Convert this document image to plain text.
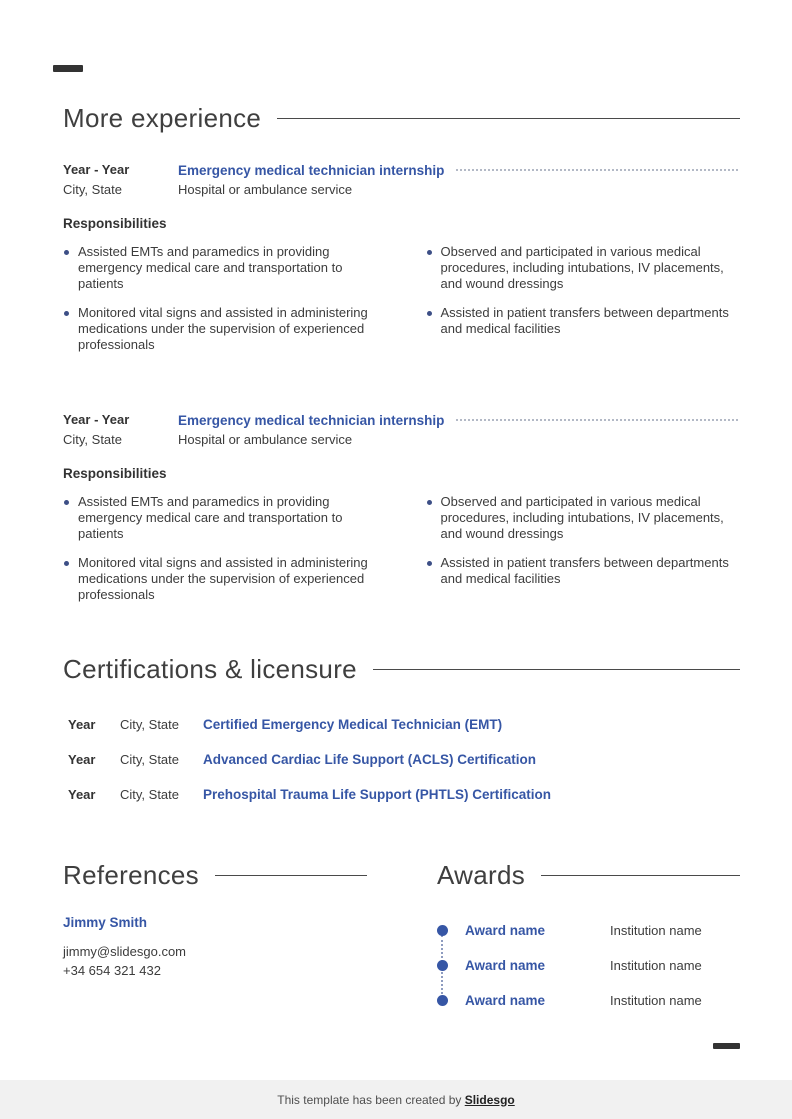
More experience
Year - Year	Emergency medical technician internship
City, State	Hospital or ambulance service
Responsibilities
Assisted EMTs and paramedics in providing emergency medical care and transportation to patients
Monitored vital signs and assisted in administering medications under the supervision of experienced professionals
Observed and participated in various medical procedures, including intubations, IV placements, and wound dressings
Assisted in patient transfers between departments and medical facilities
Year - Year	Emergency medical technician internship
City, State	Hospital or ambulance service
Responsibilities
Assisted EMTs and paramedics in providing emergency medical care and transportation to patients
Monitored vital signs and assisted in administering medications under the supervision of experienced professionals
Observed and participated in various medical procedures, including intubations, IV placements, and wound dressings
Assisted in patient transfers between departments and medical facilities
Certifications & licensure
Year	City, State	Certified Emergency Medical Technician (EMT)
Year	City, State	Advanced Cardiac Life Support (ACLS) Certification
Year	City, State	Prehospital Trauma Life Support (PHTLS) Certification
References
Jimmy Smith
jimmy@slidesgo.com
+34 654 321 432
Awards
Award name	Institution name
Award name	Institution name
Award name	Institution name
This template has been created by Slidesgo
